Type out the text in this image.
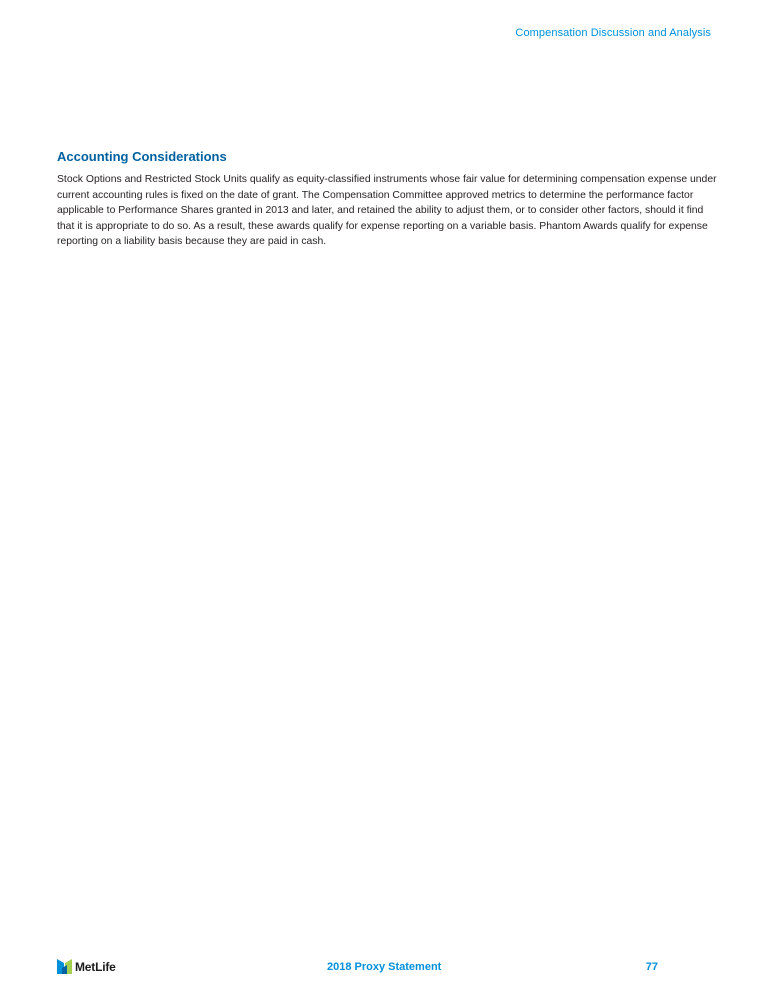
Compensation Discussion and Analysis
Accounting Considerations

Stock Options and Restricted Stock Units qualify as equity-classified instruments whose fair value for determining compensation expense under current accounting rules is fixed on the date of grant. The Compensation Committee approved metrics to determine the performance factor applicable to Performance Shares granted in 2013 and later, and retained the ability to adjust them, or to consider other factors, should it find that it is appropriate to do so. As a result, these awards qualify for expense reporting on a variable basis. Phantom Awards qualify for expense reporting on a liability basis because they are paid in cash.

MetLife	2018 Proxy Statement	77
